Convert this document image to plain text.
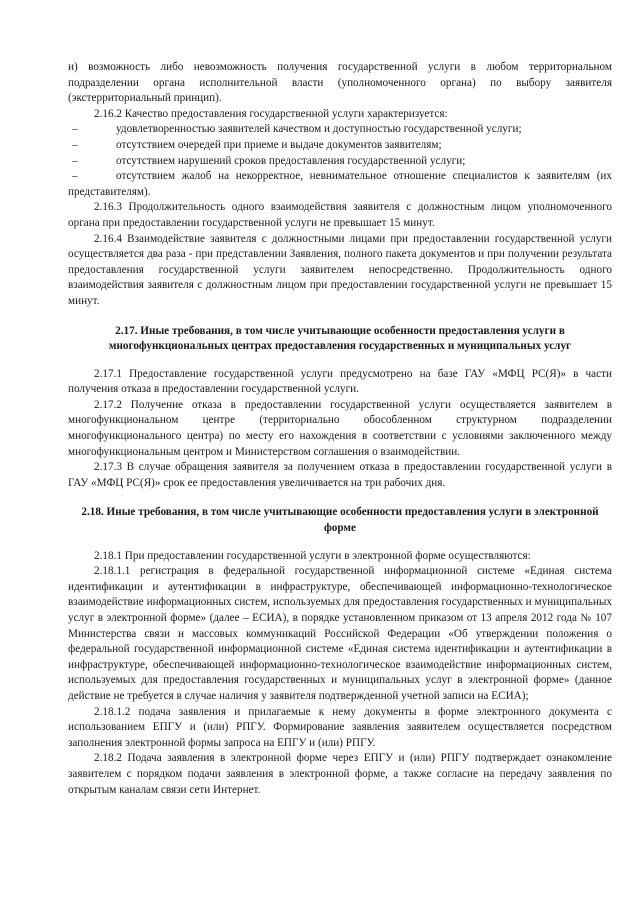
и) возможность либо невозможность получения государственной услуги в любом территориальном подразделении органа исполнительной власти (уполномоченного органа) по выбору заявителя (экстерриториальный принцип).

2.16.2 Качество предоставления государственной услуги характеризуется:

–	удовлетворенностью заявителей качеством и доступностью государственной услуги;
–	отсутствием очередей при приеме и выдаче документов заявителям;
–	отсутствием нарушений сроков предоставления государственной услуги;

–	отсутствием жалоб на некорректное, невнимательное отношение специалистов к заявителям (их представителям).

2.16.3 Продолжительность одного взаимодействия заявителя с должностным лицом уполномоченного органа при предоставлении государственной услуги не превышает 15 минут.

2.16.4 Взаимодействие заявителя с должностными лицами при предоставлении государственной услуги осуществляется два раза - при представлении Заявления, полного пакета документов и при получении результата предоставления государственной услуги заявителем непосредственно. Продолжительность одного взаимодействия заявителя с должностным лицом при предоставлении государственной услуги не превышает 15 минут.

2.17. Иные требования, в том числе учитывающие особенности предоставления услуги в многофункциональных центрах предоставления государственных и муниципальных услуг

2.17.1 Предоставление государственной услуги предусмотрено на базе ГАУ «МФЦ РС(Я)» в части получения отказа в предоставлении государственной услуги.

2.17.2 Получение отказа в предоставлении государственной услуги осуществляется заявителем в многофункциональном центре (территориально обособленном структурном подразделении многофункционального центра) по месту его нахождения в соответствии с условиями заключенного между многофункциональным центром и Министерством соглашения о взаимодействии.

2.17.3 В случае обращения заявителя за получением отказа в предоставлении государственной услуги в ГАУ «МФЦ РС(Я)» срок ее предоставления увеличивается на три рабочих дня.

2.18. Иные требования, в том числе учитывающие особенности предоставления услуги в электронной форме

2.18.1 При предоставлении государственной услуги в электронной форме осуществляются:

2.18.1.1 регистрация в федеральной государственной информационной системе «Единая система идентификации и аутентификации в инфраструктуре, обеспечивающей информационно-технологическое взаимодействие информационных систем, используемых для предоставления государственных и муниципальных услуг в электронной форме» (далее – ЕСИА), в порядке установленном приказом от 13 апреля 2012 года № 107 Министерства связи и массовых коммуникаций Российской Федерации «Об утверждении положения о федеральной государственной информационной системе «Единая система идентификации и аутентификации в инфраструктуре, обеспечивающей информационно-технологическое взаимодействие информационных систем, используемых для предоставления государственных и муниципальных услуг в электронной форме» (данное действие не требуется в случае наличия у заявителя подтвержденной учетной записи на ЕСИА);

2.18.1.2 подача заявления и прилагаемые к нему документы в форме электронного документа с использованием ЕПГУ и (или) РПГУ. Формирование заявления заявителем осуществляется посредством заполнения электронной формы запроса на ЕПГУ и (или) РПГУ.

2.18.2 Подача заявления в электронной форме через ЕПГУ и (или) РПГУ подтверждает ознакомление заявителем с порядком подачи заявления в электронной форме, а также согласие на передачу заявления по открытым каналам связи сети Интернет.
